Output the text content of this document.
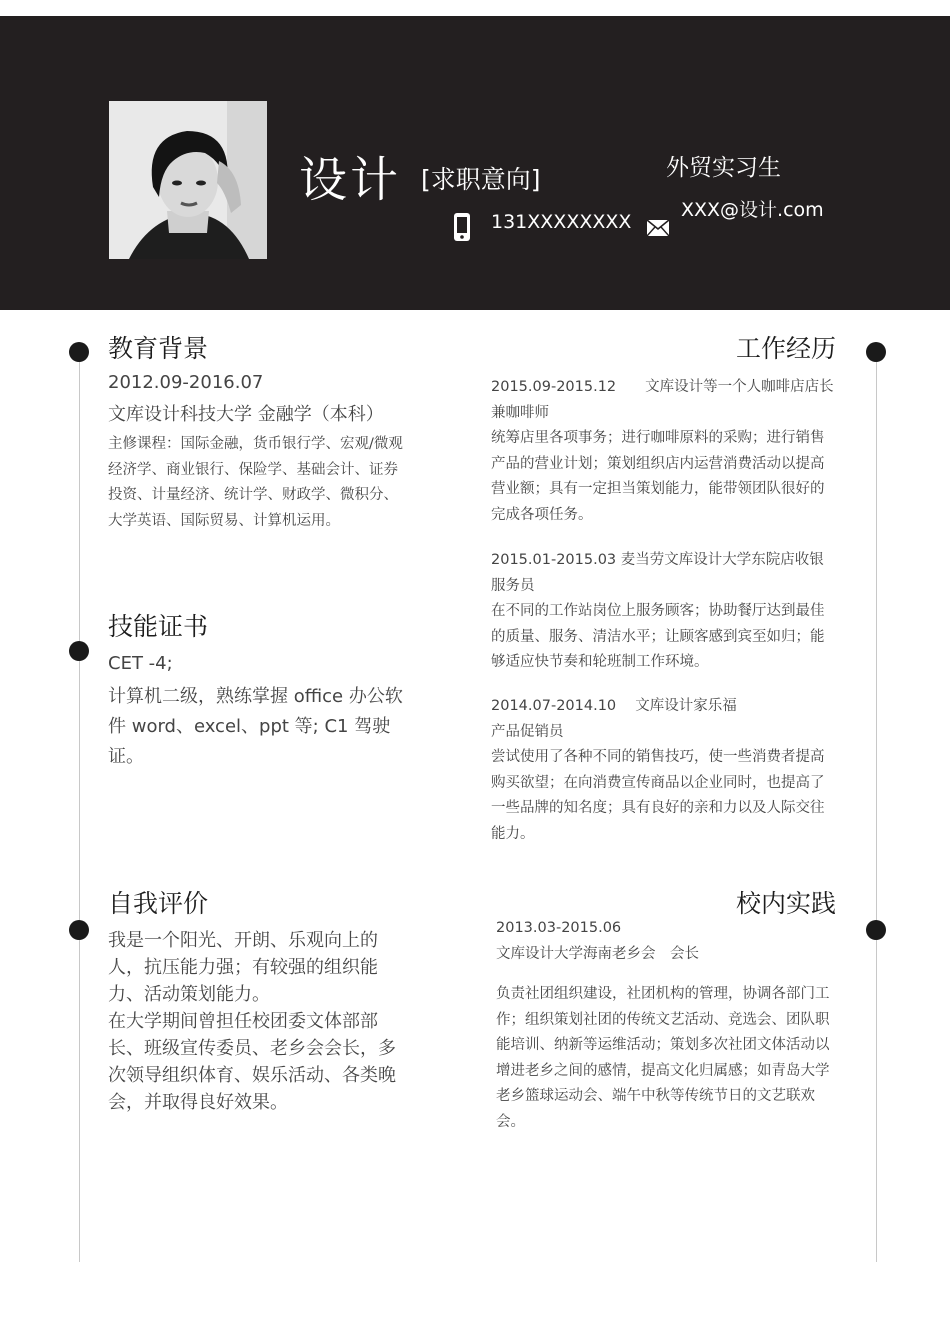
设计 [求职意向]	外贸实习生
131XXXXXXXX
XXX@设计.com
教育背景
2012.09-2016.07
文库设计科技大学 金融学（本科）
主修课程：国际金融，货币银行学、宏观/微观经济学、商业银行、保险学、基础会计、证券投资、计量经济、统计学、财政学、微积分、大学英语、国际贸易、计算机运用。
技能证书
CET -4;
计算机二级，熟练掌握 office 办公软件 word、excel、ppt 等; C1 驾驶证。
自我评价

我是一个阳光、开朗、乐观向上的人，抗压能力强；有较强的组织能力、活动策划能力。

在大学期间曾担任校团委文体部部长、班级宣传委员、老乡会会长，多次领导组织体育、娱乐活动、各类晚会，并取得良好效果。

工作经历

2015.09-2015.12　　文库设计等一个人咖啡店店长兼咖啡师

统筹店里各项事务；进行咖啡原料的采购；进行销售产品的营业计划；策划组织店内运营消费活动以提高营业额；具有一定担当策划能力，能带领团队很好的完成各项任务。

2015.01-2015.03 麦当劳文库设计大学东院店收银服务员

在不同的工作站岗位上服务顾客；协助餐厅达到最佳的质量、服务、清洁水平；让顾客感到宾至如归；能够适应快节奏和轮班制工作环境。

2014.07-2014.10　 文库设计家乐福

产品促销员

尝试使用了各种不同的销售技巧，使一些消费者提高购买欲望；在向消费宣传商品以企业同时，也提高了一些品牌的知名度；具有良好的亲和力以及人际交往能力。

校内实践
2013.03-2015.06
文库设计大学海南老乡会　会长
负责社团组织建设，社团机构的管理，协调各部门工作；组织策划社团的传统文艺活动、竞选会、团队职能培训、纳新等运维活动；策划多次社团文体活动以增进老乡之间的感情，提高文化归属感；如青岛大学老乡篮球运动会、端午中秋等传统节日的文艺联欢会。
